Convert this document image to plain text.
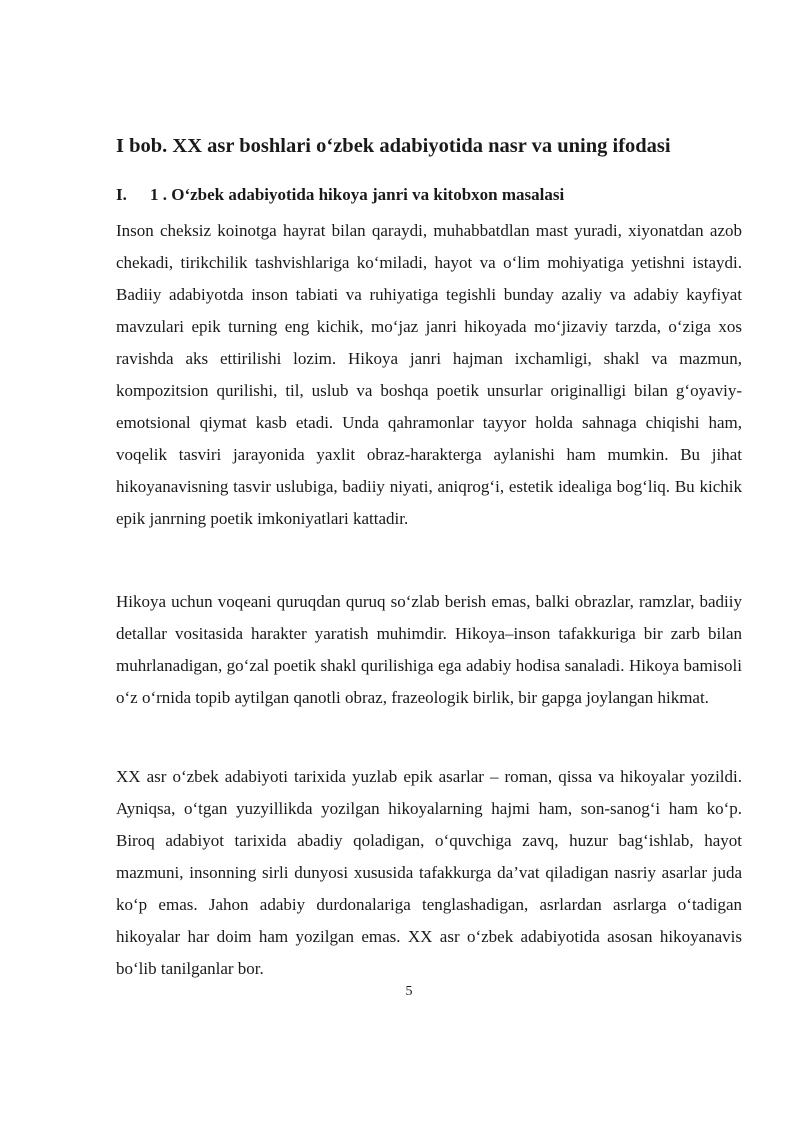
I bob. XX asr boshlari o‘zbek adabiyotida nasr va uning ifodasi
I. 1 . O‘zbek adabiyotida hikoya janri va kitobxon masalasi

Inson cheksiz koinotga hayrat bilan qaraydi, muhabbatdlan mast yuradi, xiyonatdan azob chekadi, tirikchilik tashvishlariga ko‘miladi, hayot va o‘lim mohiyatiga yetishni istaydi. Badiiy adabiyotda inson tabiati va ruhiyatiga tegishli bunday azaliy va adabiy kayfiyat mavzulari epik turning eng kichik, mo‘jaz janri hikoyada mo‘jizaviy tarzda, o‘ziga xos ravishda aks ettirilishi lozim. Hikoya janri hajman ixchamligi, shakl va mazmun, kompozitsion qurilishi, til, uslub va boshqa poetik unsurlar originalligi bilan g‘oyaviy-emotsional qiymat kasb etadi. Unda qahramonlar tayyor holda sahnaga chiqishi ham, voqelik tasviri jarayonida yaxlit obraz-harakterga aylanishi ham mumkin. Bu jihat hikoyanavisning tasvir uslubiga, badiiy niyati, aniqrog‘i, estetik idealiga bog‘liq. Bu kichik epik janrning poetik imkoniyatlari kattadir.

Hikoya uchun voqeani quruqdan quruq so‘zlab berish emas, balki obrazlar, ramzlar, badiiy detallar vositasida harakter yaratish muhimdir. Hikoya–inson tafakkuriga bir zarb bilan muhrlanadigan, go‘zal poetik shakl qurilishiga ega adabiy hodisa sanaladi. Hikoya bamisoli o‘z o‘rnida topib aytilgan qanotli obraz, frazeologik birlik, bir gapga joylangan hikmat.

XX asr o‘zbek adabiyoti tarixida yuzlab epik asarlar – roman, qissa va hikoyalar yozildi. Ayniqsa, o‘tgan yuzyillikda yozilgan hikoyalarning hajmi ham, son-sanog‘i ham ko‘p. Biroq adabiyot tarixida abadiy qoladigan, o‘quvchiga zavq, huzur bag‘ishlab, hayot mazmuni, insonning sirli dunyosi xususida tafakkurga da’vat qiladigan nasriy asarlar juda ko‘p emas. Jahon adabiy durdonalariga tenglashadigan, asrlardan asrlarga o‘tadigan hikoyalar har doim ham yozilgan emas. XX asr o‘zbek adabiyotida asosan hikoyanavis bo‘lib tanilganlar bor.

5
